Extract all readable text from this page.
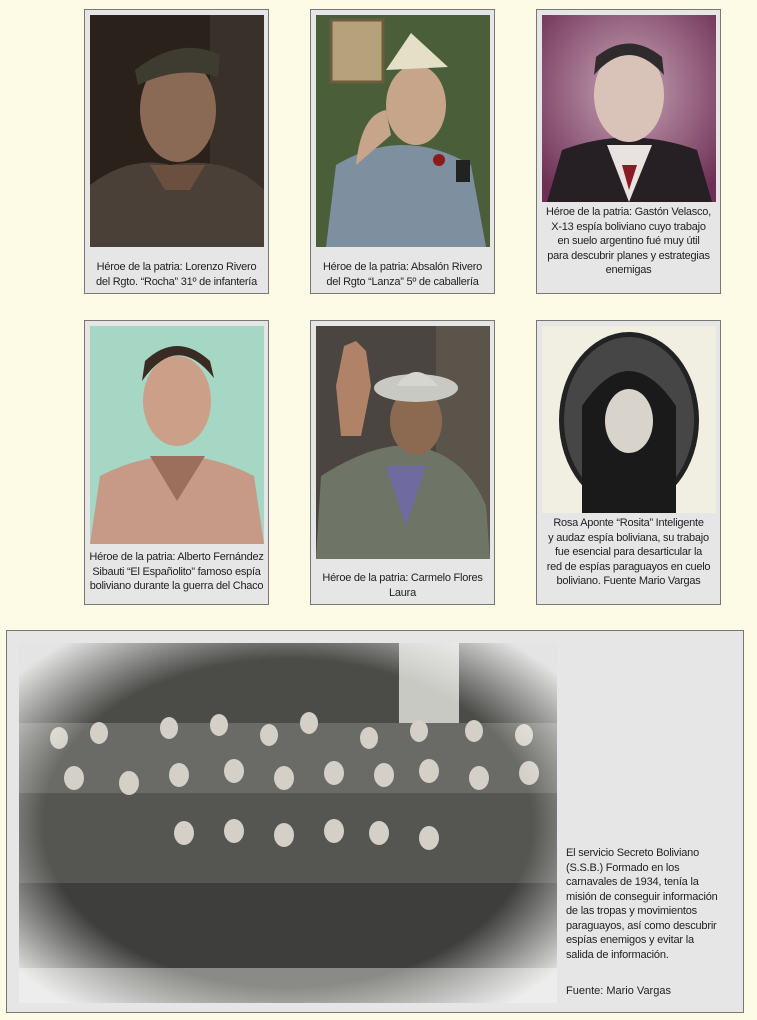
Héroe de la patria: Lorenzo Rivero
del Rgto. “Rocha” 31º de infantería
Héroe de la patria: Absalón Rivero
del Rgto “Lanza” 5º de caballería
Héroe de la patria: Gastón Velasco,
X-13 espía boliviano cuyo trabajo
en suelo argentino fué muy útil
para descubrir planes y estrategias
enemigas
Héroe de la patria: Alberto Fernández
Sibauti “El Españolito” famoso espía
boliviano durante la guerra del Chaco
Héroe de la patria: Carmelo Flores
Laura
Rosa Aponte “Rosita” Inteligente
y audaz espía boliviana, su trabajo
fue esencial para desarticular la
red de espías paraguayos en cuelo
boliviano. Fuente Mario Vargas
El servicio Secreto Boliviano
(S.S.B.) Formado en los
carnavales de 1934, tenía la
misión de conseguir información
de las tropas y movimientos
paraguayos, así como descubrir
espías enemigos y evitar la
salida de información.
Fuente: Mario Vargas
